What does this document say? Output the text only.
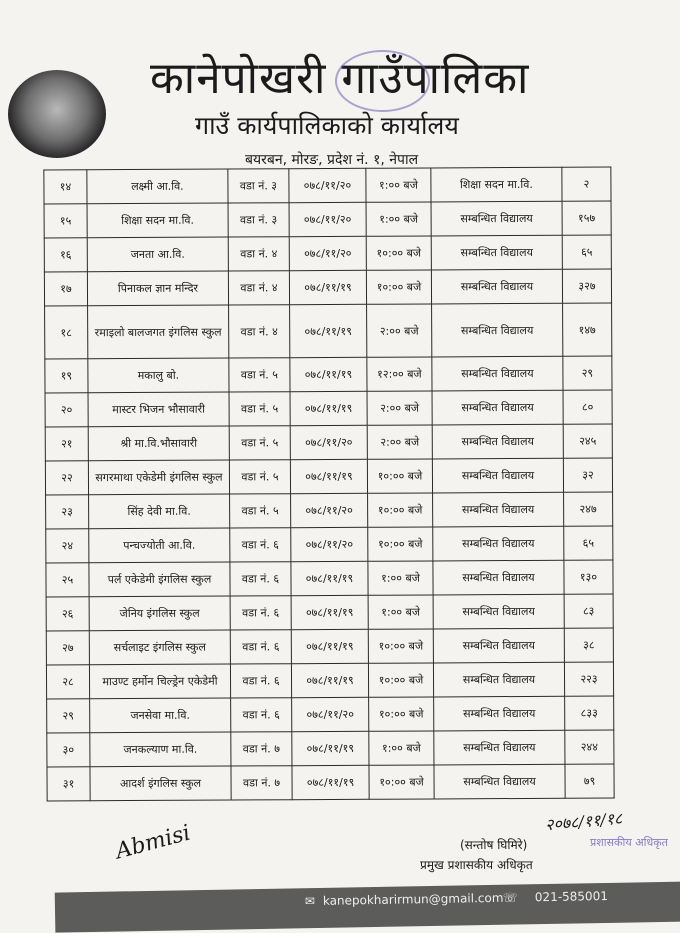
कानेपोखरी गाउँपालिका
गाउँ कार्यपालिकाको कार्यालय
बयरबन, मोरङ, प्रदेश नं. १, नेपाल
१४	लक्ष्मी आ.वि.	वडा नं. ३	०७८/११/२०	१:०० बजे	शिक्षा सदन मा.वि.	२
१५	शिक्षा सदन मा.वि.	वडा नं. ३	०७८/११/२०	१:०० बजे	सम्बन्धित विद्यालय	१५७
१६	जनता आ.वि.	वडा नं. ४	०७८/११/२०	१०:०० बजे	सम्बन्धित विद्यालय	६५
१७	पिनाकल ज्ञान मन्दिर	वडा नं. ४	०७८/११/१९	१०:०० बजे	सम्बन्धित विद्यालय	३२७
१८	रमाइलो बालजगत इंगलिस स्कुल	वडा नं. ४	०७८/११/१९	२:०० बजे	सम्बन्धित विद्यालय	१४७
१९	मकालु बो.	वडा नं. ५	०७८/११/१९	१२:०० बजे	सम्बन्धित विद्यालय	२९
२०	मास्टर भिजन भौसावारी	वडा नं. ५	०७८/११/१९	२:०० बजे	सम्बन्धित विद्यालय	८०
२१	श्री मा.वि.भौसावारी	वडा नं. ५	०७८/११/२०	२:०० बजे	सम्बन्धित विद्यालय	२४५
२२	सगरमाथा एकेडेमी इंगलिस स्कुल	वडा नं. ५	०७८/११/१९	१०:०० बजे	सम्बन्धित विद्यालय	३२
२३	सिंह देवी मा.वि.	वडा नं. ५	०७८/११/२०	१०:०० बजे	सम्बन्धित विद्यालय	२४७
२४	पन्चज्योती आ.वि.	वडा नं. ६	०७८/११/२०	१०:०० बजे	सम्बन्धित विद्यालय	६५
२५	पर्ल एकेडेमी इंगलिस स्कुल	वडा नं. ६	०७८/११/१९	१:०० बजे	सम्बन्धित विद्यालय	१३०
२६	जेनिय इंगलिस स्कुल	वडा नं. ६	०७८/११/१९	१:०० बजे	सम्बन्धित विद्यालय	८३
२७	सर्चलाइट इंगलिस स्कुल	वडा नं. ६	०७८/११/१९	१०:०० बजे	सम्बन्धित विद्यालय	३८
२८	माउण्ट हर्मोन चिल्ड्रेन एकेडेमी	वडा नं. ६	०७८/११/१९	१०:०० बजे	सम्बन्धित विद्यालय	२२३
२९	जनसेवा मा.वि.	वडा नं. ६	०७८/११/२०	१०:०० बजे	सम्बन्धित विद्यालय	८३३
३०	जनकल्याण मा.वि.	वडा नं. ७	०७८/११/१९	१:०० बजे	सम्बन्धित विद्यालय	२४४
३१	आदर्श इंगलिस स्कुल	वडा नं. ७	०७८/११/१९	१०:०० बजे	सम्बन्धित विद्यालय	७९
Abmisi	२०७८/११/१८
(सन्तोष घिमिरे)
प्रमुख प्रशासकीय अधिकृत
प्रशासकीय अधिकृत
✉ kanepokharirmun@gmail.com ☏ 021-585001
